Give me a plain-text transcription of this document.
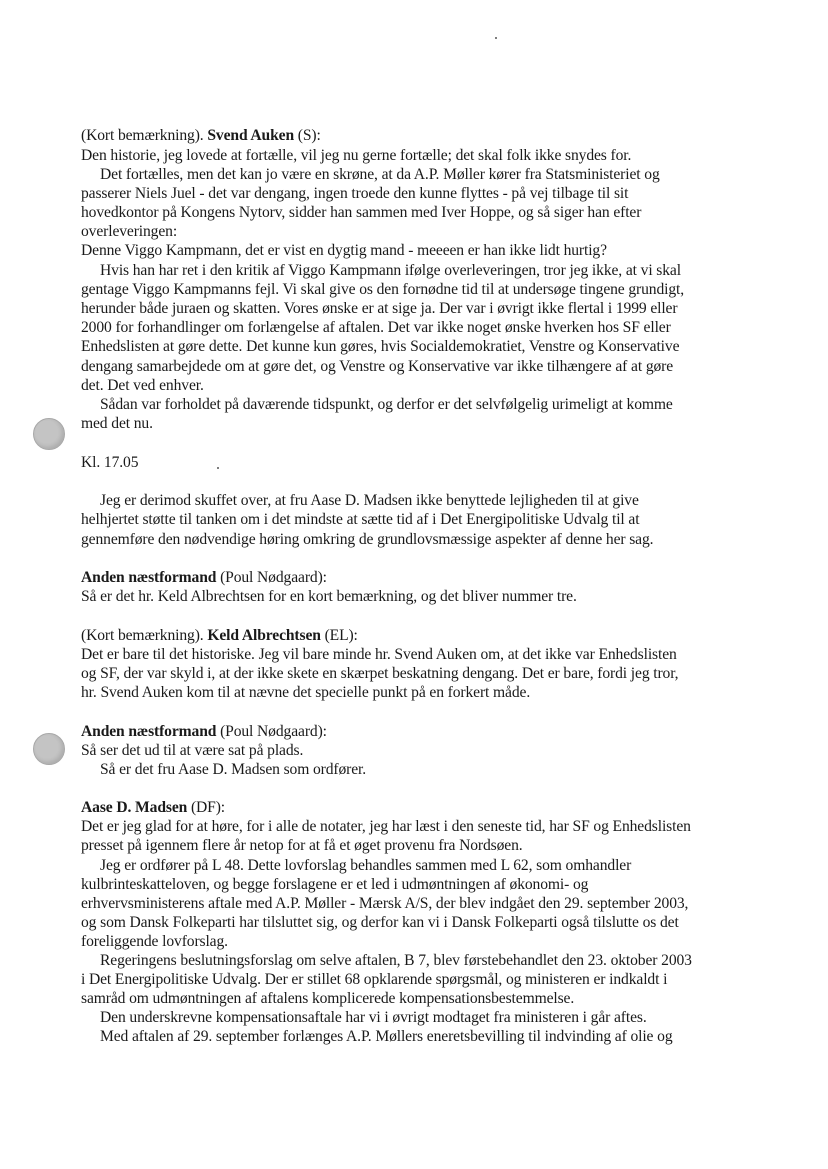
(Kort bemærkning). Svend Auken (S):
Den historie, jeg lovede at fortælle, vil jeg nu gerne fortælle; det skal folk ikke snydes for.
Det fortælles, men det kan jo være en skrøne, at da A.P. Møller kører fra Statsministeriet og
passerer Niels Juel - det var dengang, ingen troede den kunne flyttes - på vej tilbage til sit
hovedkontor på Kongens Nytorv, sidder han sammen med Iver Hoppe, og så siger han efter
overleveringen:
Denne Viggo Kampmann, det er vist en dygtig mand - meeeen er han ikke lidt hurtig?
Hvis han har ret i den kritik af Viggo Kampmann ifølge overleveringen, tror jeg ikke, at vi skal
gentage Viggo Kampmanns fejl. Vi skal give os den fornødne tid til at undersøge tingene grundigt,
herunder både juraen og skatten. Vores ønske er at sige ja. Der var i øvrigt ikke flertal i 1999 eller
2000 for forhandlinger om forlængelse af aftalen. Det var ikke noget ønske hverken hos SF eller
Enhedslisten at gøre dette. Det kunne kun gøres, hvis Socialdemokratiet, Venstre og Konservative
dengang samarbejdede om at gøre det, og Venstre og Konservative var ikke tilhængere af at gøre
det. Det ved enhver.
Sådan var forholdet på daværende tidspunkt, og derfor er det selvfølgelig urimeligt at komme
med det nu.
Kl. 17.05
Jeg er derimod skuffet over, at fru Aase D. Madsen ikke benyttede lejligheden til at give
helhjertet støtte til tanken om i det mindste at sætte tid af i Det Energipolitiske Udvalg til at
gennemføre den nødvendige høring omkring de grundlovsmæssige aspekter af denne her sag.
Anden næstformand (Poul Nødgaard):
Så er det hr. Keld Albrechtsen for en kort bemærkning, og det bliver nummer tre.
(Kort bemærkning). Keld Albrechtsen (EL):
Det er bare til det historiske. Jeg vil bare minde hr. Svend Auken om, at det ikke var Enhedslisten
og SF, der var skyld i, at der ikke skete en skærpet beskatning dengang. Det er bare, fordi jeg tror,
hr. Svend Auken kom til at nævne det specielle punkt på en forkert måde.
Anden næstformand (Poul Nødgaard):
Så ser det ud til at være sat på plads.
Så er det fru Aase D. Madsen som ordfører.
Aase D. Madsen (DF):
Det er jeg glad for at høre, for i alle de notater, jeg har læst i den seneste tid, har SF og Enhedslisten
presset på igennem flere år netop for at få et øget provenu fra Nordsøen.
Jeg er ordfører på L 48. Dette lovforslag behandles sammen med L 62, som omhandler
kulbrinteskatteloven, og begge forslagene er et led i udmøntningen af økonomi- og
erhvervsministerens aftale med A.P. Møller - Mærsk A/S, der blev indgået den 29. september 2003,
og som Dansk Folkeparti har tilsluttet sig, og derfor kan vi i Dansk Folkeparti også tilslutte os det
foreliggende lovforslag.
Regeringens beslutningsforslag om selve aftalen, B 7, blev førstebehandlet den 23. oktober 2003
i Det Energipolitiske Udvalg. Der er stillet 68 opklarende spørgsmål, og ministeren er indkaldt i
samråd om udmøntningen af aftalens komplicerede kompensationsbestemmelse.
Den underskrevne kompensationsaftale har vi i øvrigt modtaget fra ministeren i går aftes.
Med aftalen af 29. september forlænges A.P. Møllers eneretsbevilling til indvinding af olie og
